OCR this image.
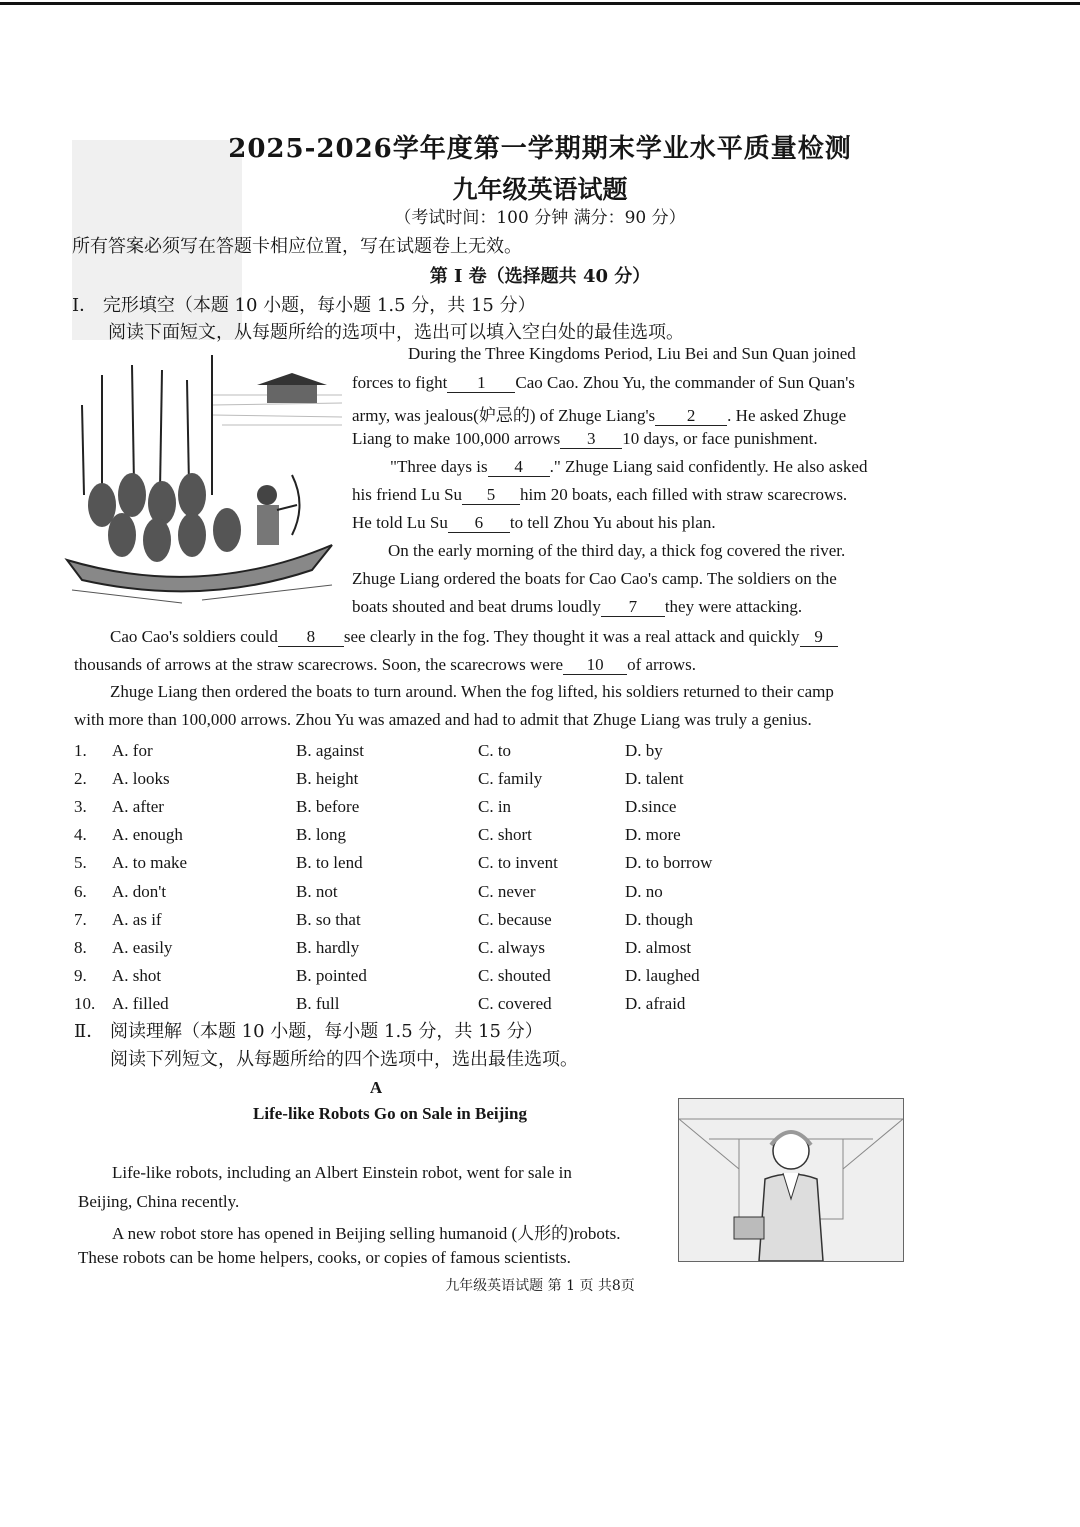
2025-2026学年度第一学期期末学业水平质量检测
九年级英语试题
（考试时间：100 分钟 满分：90 分）
所有答案必须写在答题卡相应位置，写在试题卷上无效。
第 I 卷（选择题共 40 分）
Ⅰ． 完形填空（本题 10 小题，每小题 1.5 分，共 15 分）
阅读下面短文，从每题所给的选项中，选出可以填入空白处的最佳选项。
During the Three Kingdoms Period, Liu Bei and Sun Quan joined
forces to fight 1 Cao Cao. Zhou Yu, the commander of Sun Quan's
army, was jealous(妒忌的) of Zhuge Liang's 2 . He asked Zhuge
Liang to make 100,000 arrows 3 10 days, or face punishment.
"Three days is 4 ." Zhuge Liang said confidently. He also asked
his friend Lu Su 5 him 20 boats, each filled with straw scarecrows.
He told Lu Su 6 to tell Zhou Yu about his plan.
On the early morning of the third day, a thick fog covered the river.
Zhuge Liang ordered the boats for Cao Cao's camp. The soldiers on the
boats shouted and beat drums loudly 7 they were attacking.
Cao Cao's soldiers could 8 see clearly in the fog. They thought it was a real attack and quickly 9
thousands of arrows at the straw scarecrows. Soon, the scarecrows were 10 of arrows.
Zhuge Liang then ordered the boats to turn around. When the fog lifted, his soldiers returned to their camp
with more than 100,000 arrows. Zhou Yu was amazed and had to admit that Zhuge Liang was truly a genius.
1. A. for	B. against	C. to	D. by
2. A. looks	B. height	C. family	D. talent
3. A. after	B. before	C. in	D.since
4. A. enough	B. long	C. short	D. more
5. A. to make	B. to lend	C. to invent	D. to borrow
6. A. don't	B. not	C. never	D. no
7. A. as if	B. so that	C. because	D. though
8. A. easily	B. hardly	C. always	D. almost
9. A. shot	B. pointed	C. shouted	D. laughed
10. A. filled	B. full	C. covered	D. afraid
Ⅱ． 阅读理解（本题 10 小题，每小题 1.5 分，共 15 分）
阅读下列短文，从每题所给的四个选项中，选出最佳选项。
A
Life-like Robots Go on Sale in Beijing
Life-like robots, including an Albert Einstein robot, went for sale in
Beijing, China recently.
A new robot store has opened in Beijing selling humanoid (人形的)robots.
These robots can be home helpers, cooks, or copies of famous scientists.
九年级英语试题 第 1 页 共8页
